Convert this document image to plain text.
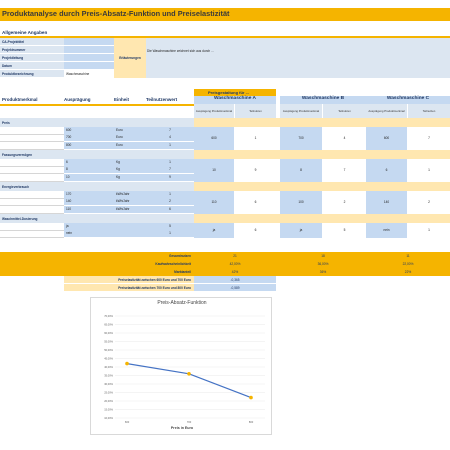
Produktanalyse durch Preis-Absatz-Funktion und Preiselastizität
Allgemeine Angaben
CA-Projekttitel
Projektnummer
Projektleitung
Datum
Produktbezeichnung	Waschmaschine
Erläuterungen
Die Waschmaschine zeichnet sich aus durch ...
Preisgestaltung für ...
Produktmerkmal	Ausprägung	Einheit	Teilnutzenwert	Waschmaschine A	Waschmaschine B	Waschmaschine C
Ausprägung Produktmerkmal	Teilnutzen	Ausprägung Produktmerkmal	Teilnutzen	Ausprägung Produktmerkmal	Teilnutzen
Preis
600	Euro	7
700	Euro	4
800	Euro	1
600	1	700	4	600	7
Fassungsvermögen
6	Kg	1
8	Kg	7
10	Kg	9
10	9	8	7	6	1
Energieverbrauch
170	kWh/Jahr	1
140	kWh/Jahr	2
110	kWh/Jahr	6
110	6	100	2	140	2
Waschmittel-Dosierung
ja	5
nein	1
ja	6	ja	5	nein	1
Gesamtnutzen	21	18	11
Kaufwahrscheinlichkeit	42,00%	36,00%	22,00%
Marktanteil	42%	36%	22%
Preiselastizität zwischen 600 Euro und 700 Euro	-0,365
Preiselastizität zwischen 700 Euro und 800 Euro	-0,589
Preis-Absatz-Funktion
10,00%
15,00%
20,00%
25,00%
30,00%
35,00%
40,00%
45,00%
50,00%
55,00%
60,00%
65,00%
70,00%
600	700	800
Preis in Euro
